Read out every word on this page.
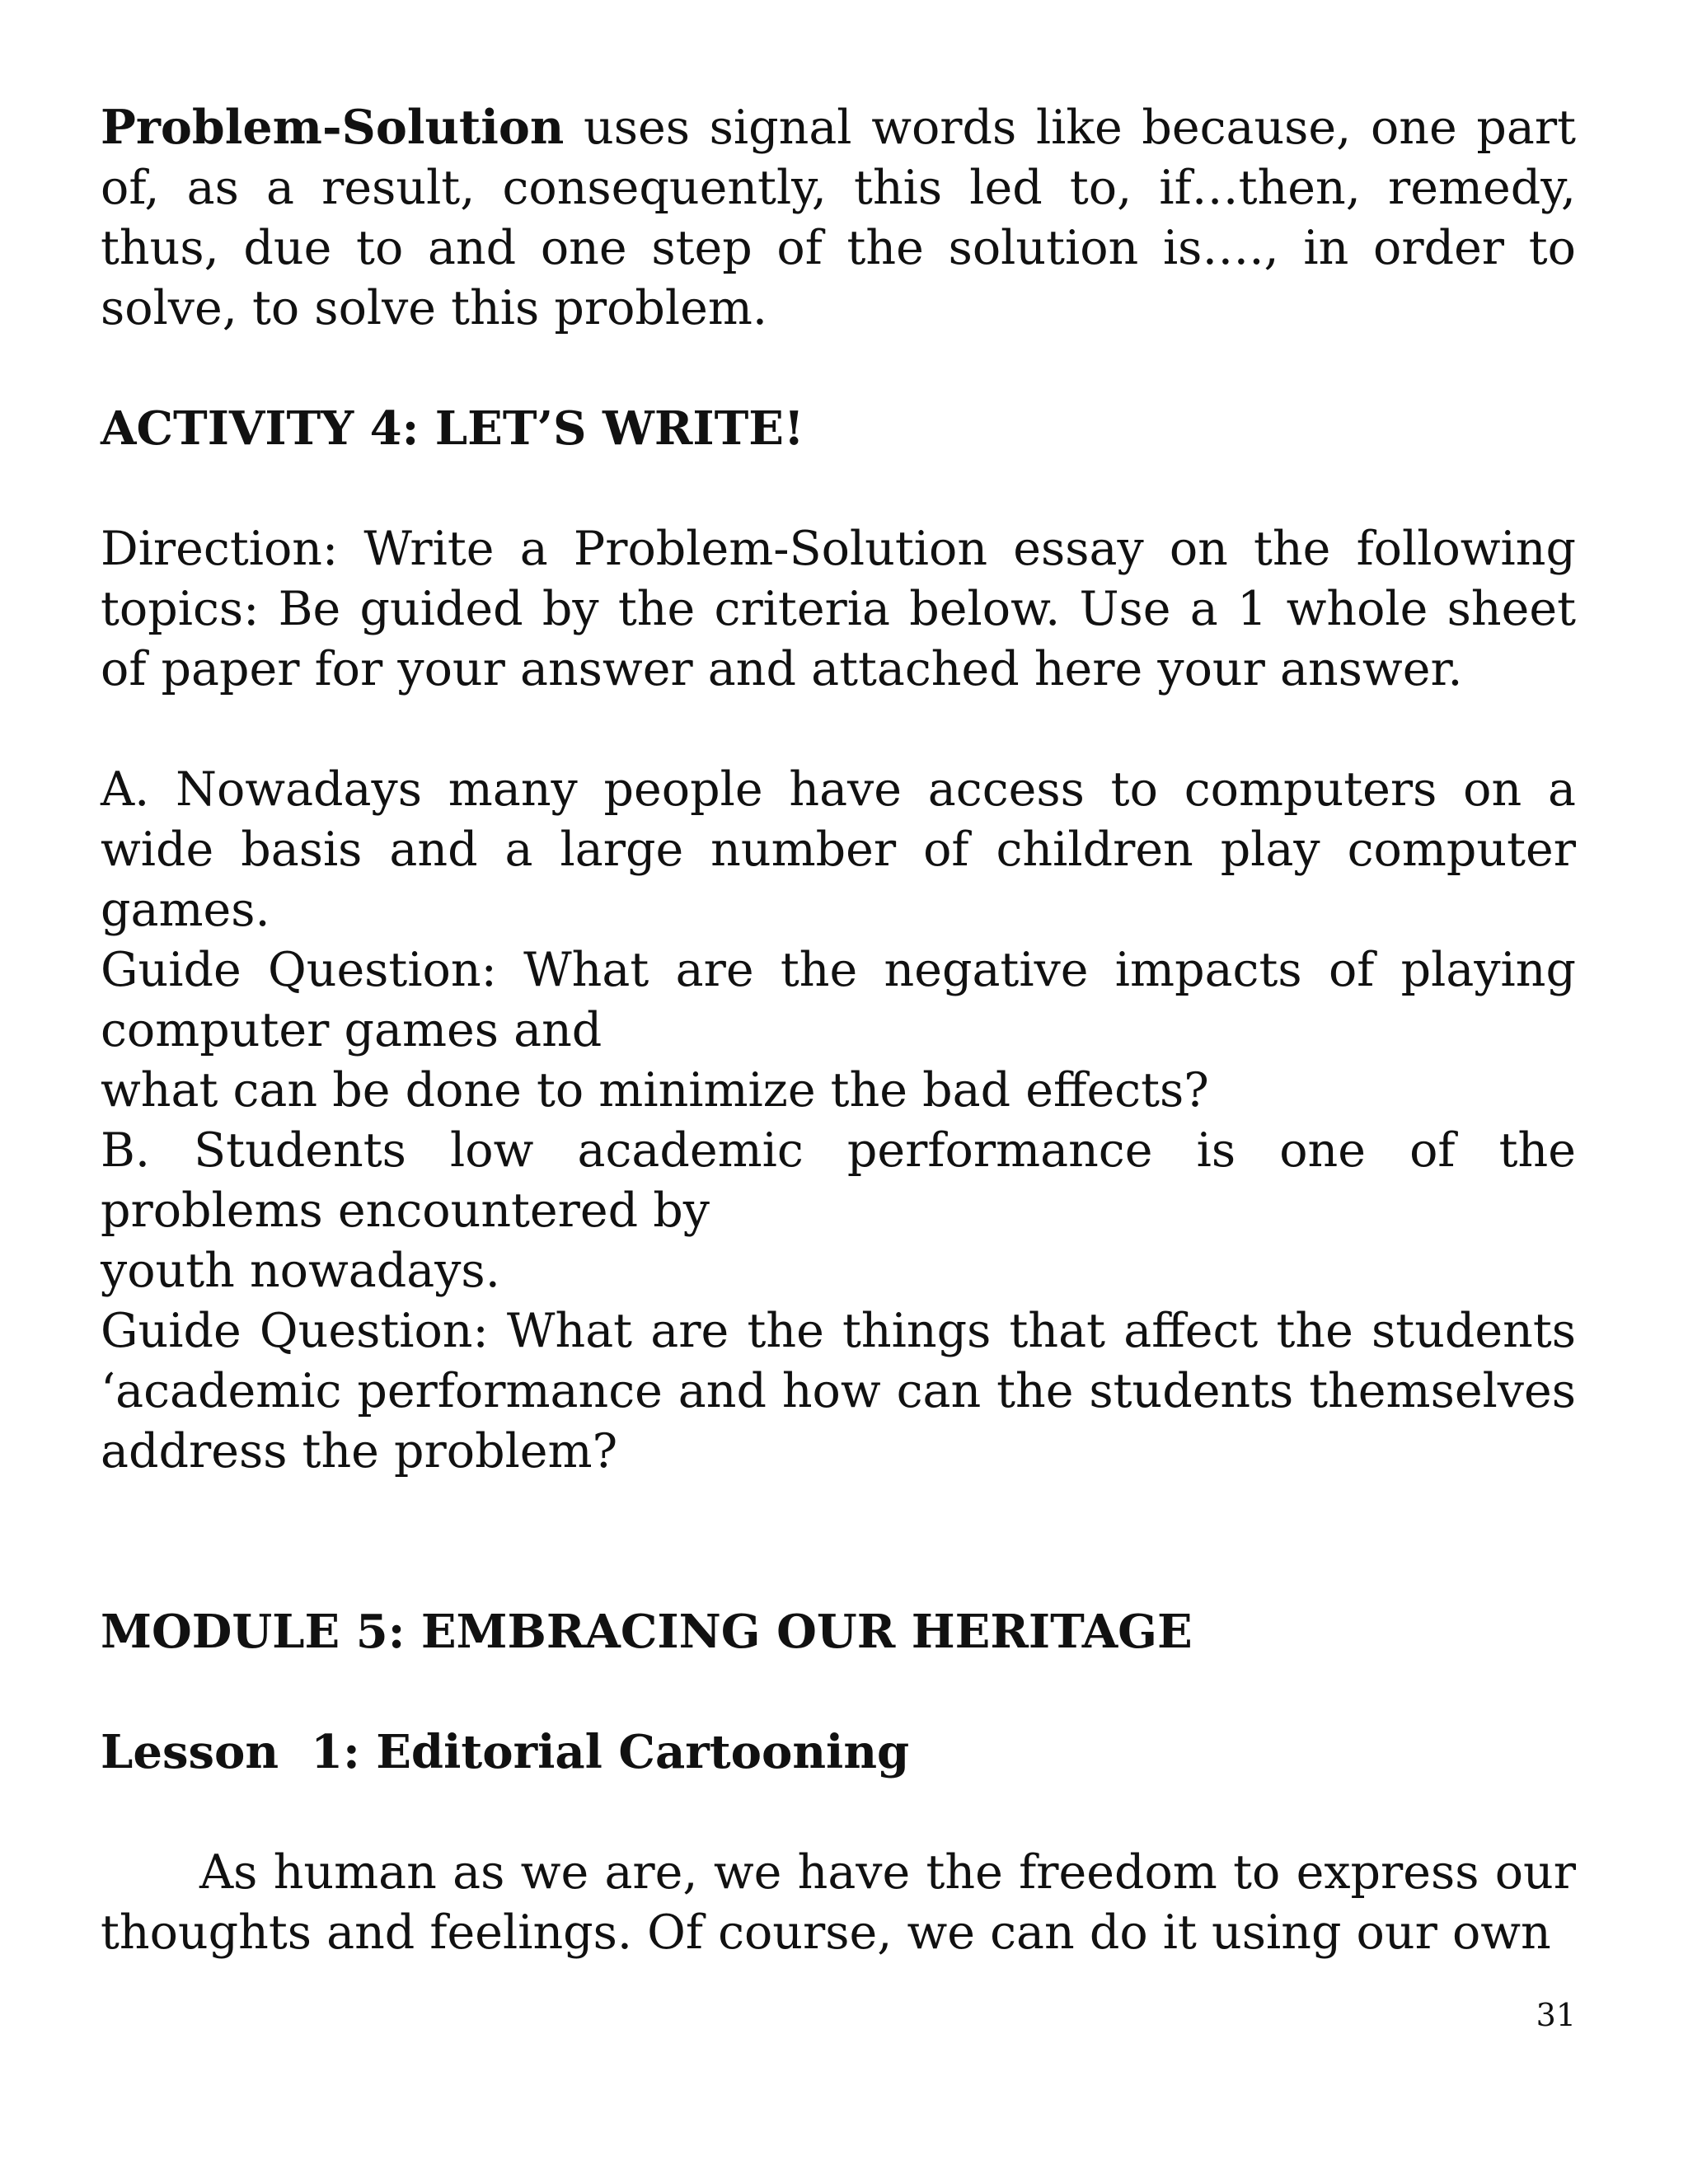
Problem-Solution uses signal words like because, one part of, as a result, consequently, this led to, if…then, remedy, thus, due to and one step of the solution is…., in order to solve, to solve this problem.

ACTIVITY 4: LET’S WRITE!

Direction: Write a Problem-Solution essay on the following topics: Be guided by the criteria below. Use a 1 whole sheet of paper for your answer and attached here your answer.

A. Nowadays many people have access to computers on a wide basis and a large number of children play computer games.

Guide Question: What are the negative impacts of playing computer games and

what can be done to minimize the bad effects?

B. Students low academic performance is one of the problems encountered by

youth nowadays.

Guide Question: What are the things that affect the students ‘academic performance and how can the students themselves address the problem?

MODULE 5: EMBRACING OUR HERITAGE
Lesson  1: Editorial Cartooning

As human as we are, we have the freedom to express our thoughts and feelings. Of course, we can do it using our own

31
